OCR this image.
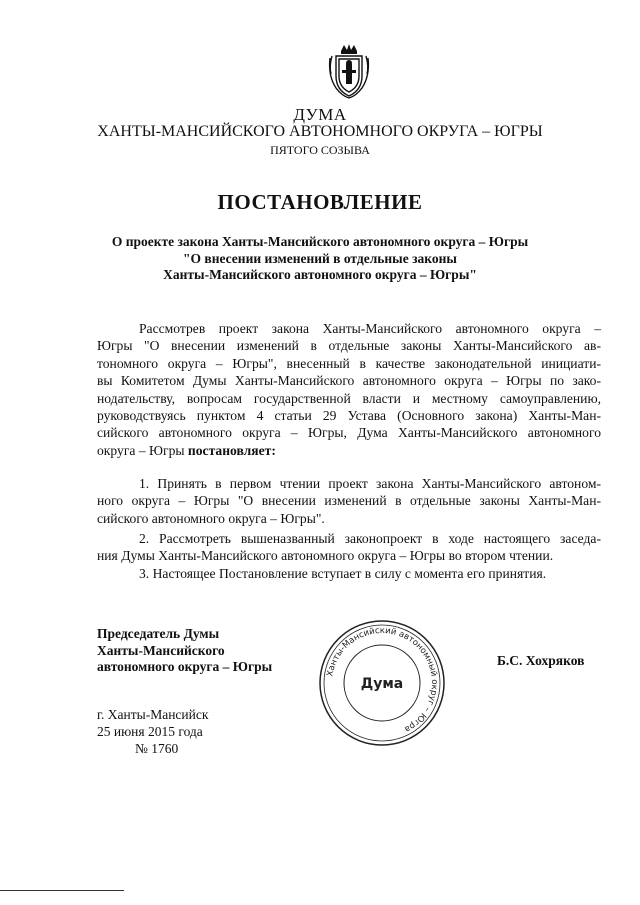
ДУМА
ХАНТЫ-МАНСИЙСКОГО АВТОНОМНОГО ОКРУГА – ЮГРЫ
ПЯТОГО СОЗЫВА
ПОСТАНОВЛЕНИЕ
О проекте закона Ханты-Мансийского автономного округа – Югры
"О внесении изменений в отдельные законы
Ханты-Мансийского автономного округа – Югры"
Рассмотрев проект закона Ханты-Мансийского автономного округа –
Югры "О внесении изменений в отдельные законы Ханты-Мансийского ав-
тономного округа – Югры", внесенный в качестве законодательной инициати-
вы Комитетом Думы Ханты-Мансийского автономного округа – Югры по зако-
нодательству, вопросам государственной власти и местному самоуправлению,
руководствуясь пунктом 4 статьи 29 Устава (Основного закона) Ханты-Ман-
сийского автономного округа – Югры, Дума Ханты-Мансийского автономного
округа – Югры постановляет:
1. Принять в первом чтении проект закона Ханты-Мансийского автоном-
ного округа – Югры "О внесении изменений в отдельные законы Ханты-Ман-
сийского автономного округа – Югры".
2. Рассмотреть вышеназванный законопроект в ходе настоящего заседа-
ния Думы Ханты-Мансийского автономного округа – Югры во втором чтении.
3. Настоящее Постановление вступает в силу с момента его принятия.
Председатель Думы
Ханты-Мансийского
автономного округа – Югры	Б.С. Хохряков
Ханты-Мансийский автономный округ – Югра
Дума
г. Ханты-Мансийск
25 июня 2015 года
№ 1760
